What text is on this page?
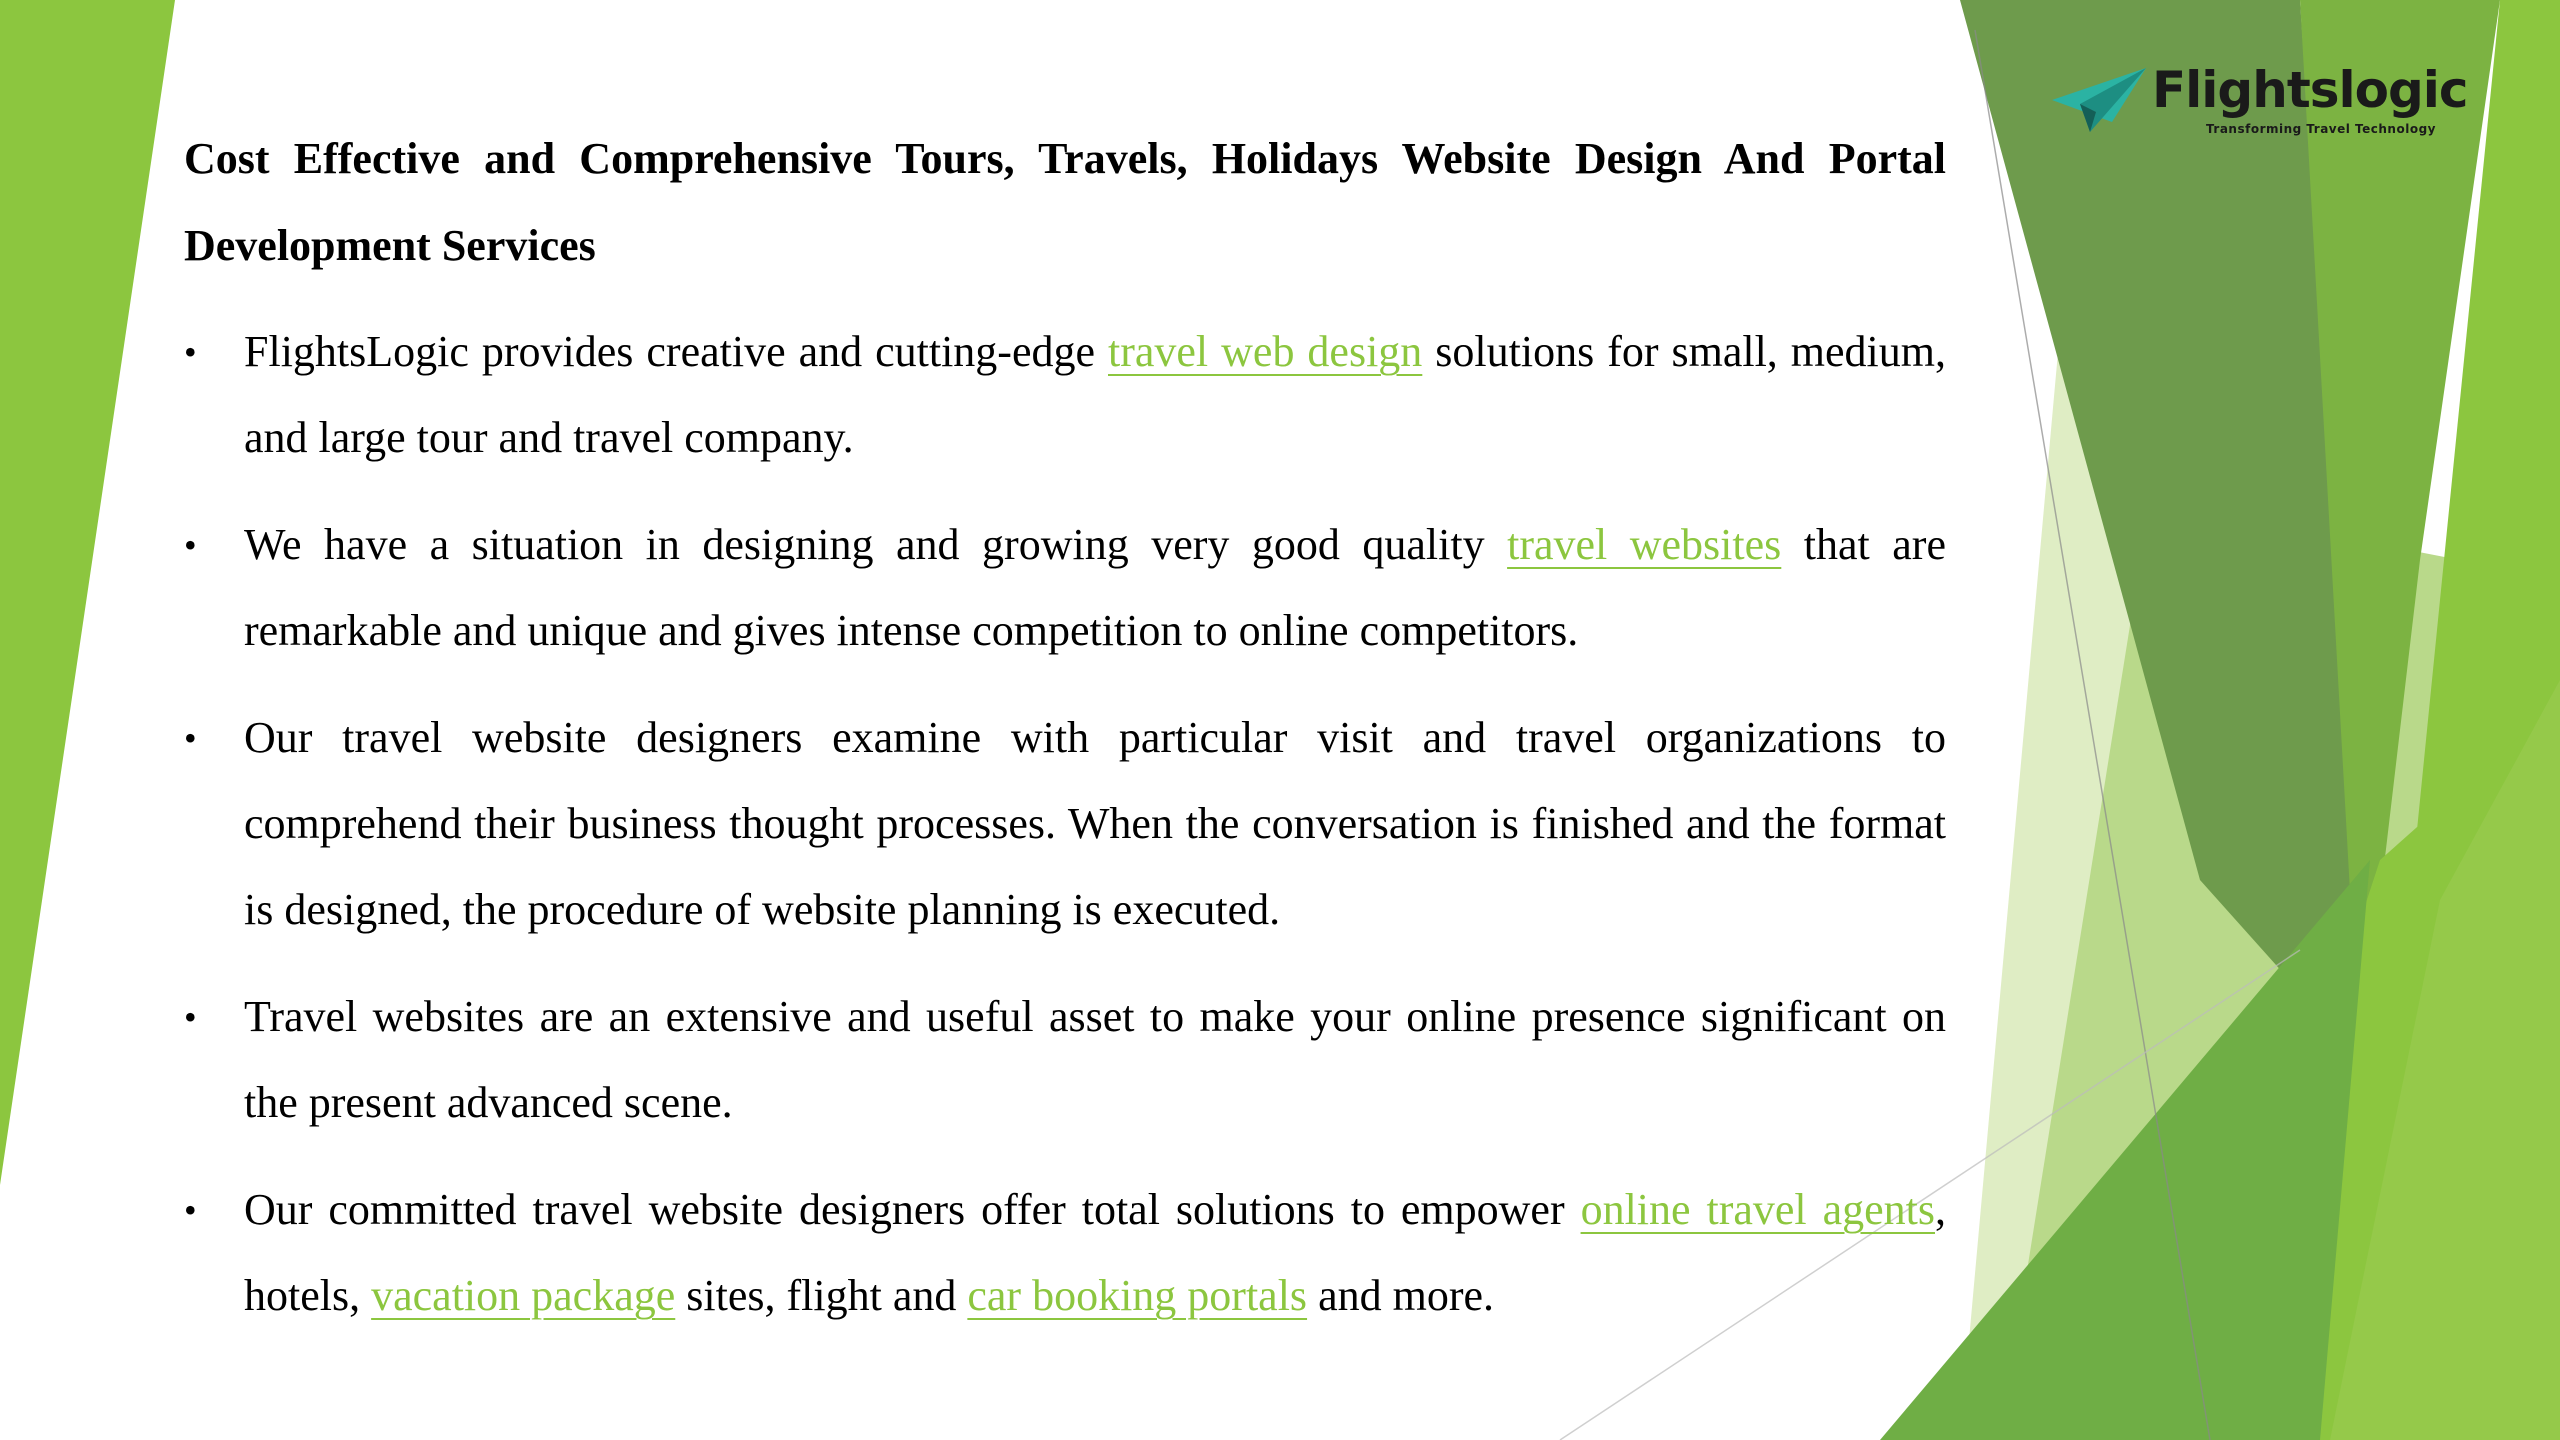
Flightslogic
Transforming Travel Technology
Cost Effective and Comprehensive Tours, Travels, Holidays Website Design And Portal Development Services
• FlightsLogic provides creative and cutting-edge travel web design solutions for small, medium, and large tour and travel company.
• We have a situation in designing and growing very good quality travel websites that are remarkable and unique and gives intense competition to online competitors.
• Our travel website designers examine with particular visit and travel organizations to comprehend their business thought processes. When the conversation is finished and the format is designed, the procedure of website planning is executed.
• Travel websites are an extensive and useful asset to make your online presence significant on the present advanced scene.
• Our committed travel website designers offer total solutions to empower online travel agents, hotels, vacation package sites, flight and car booking portals and more.
